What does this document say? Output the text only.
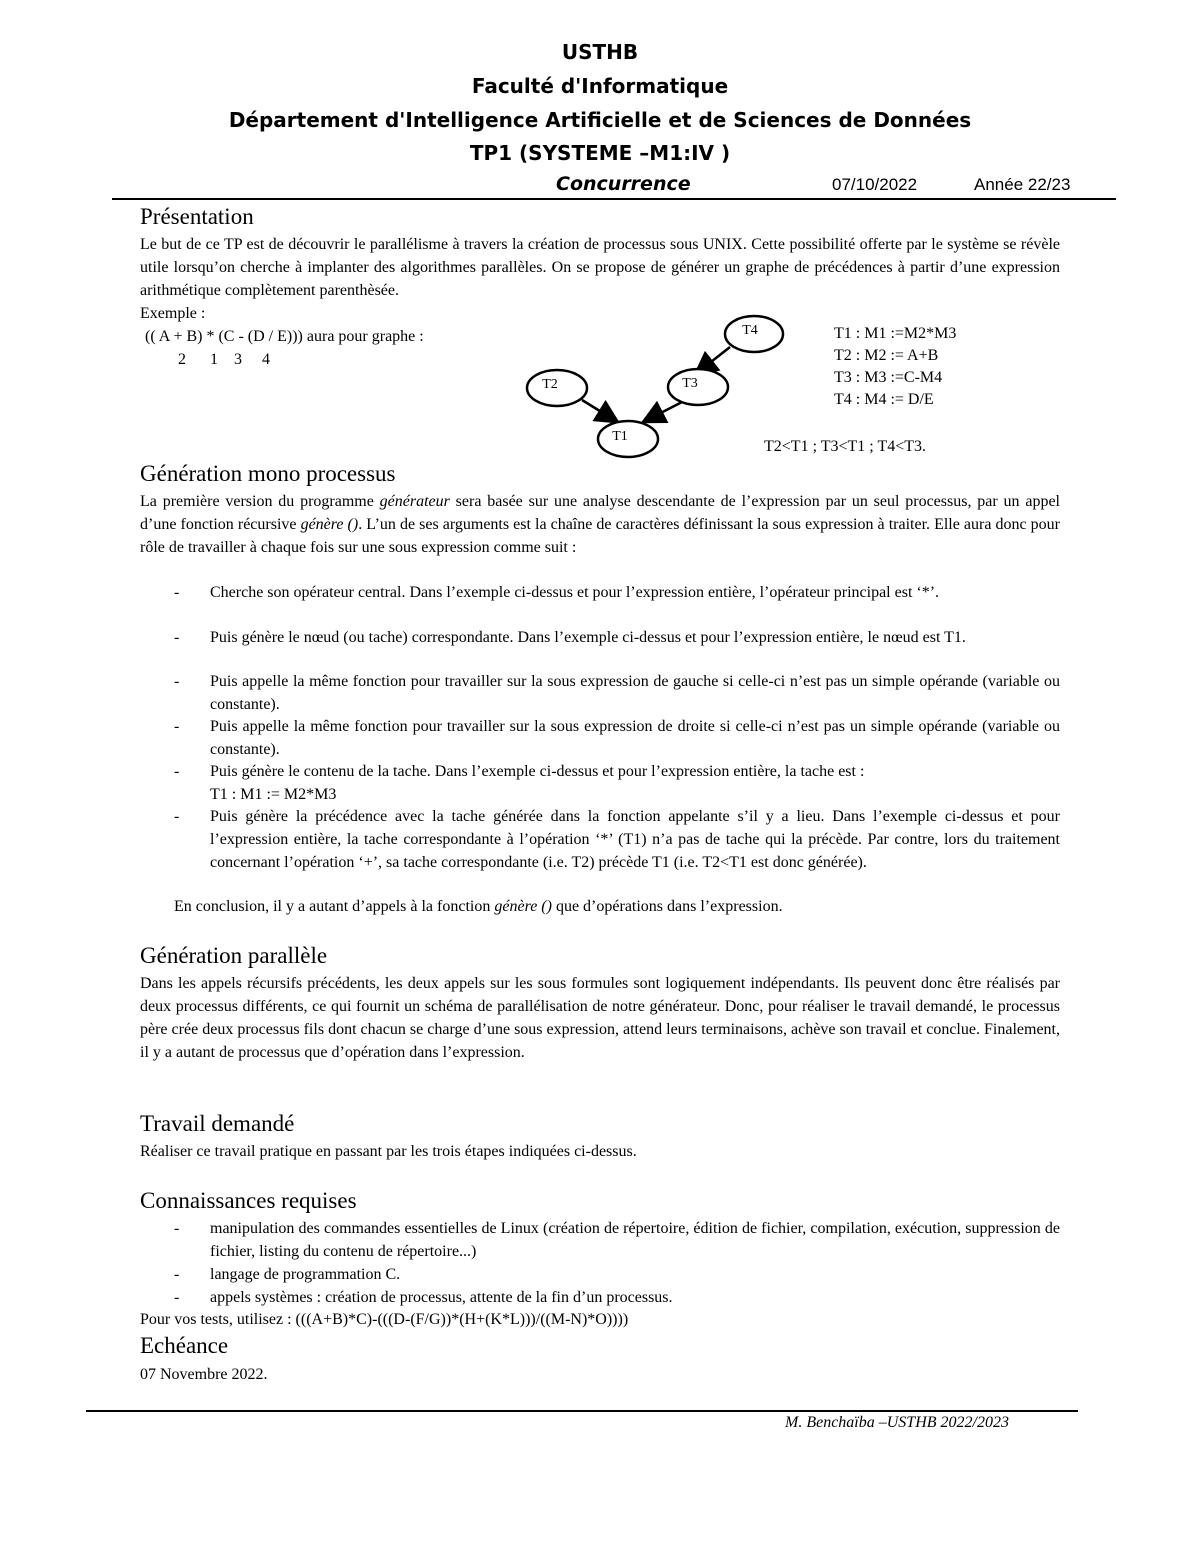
USTHB
Faculté d'Informatique
Département d'Intelligence Artificielle et de Sciences de Données
TP1 (SYSTEME –M1:IV )
Concurrence	07/10/2022	Année 22/23
Présentation
Le but de ce TP est de découvrir le parallélisme à travers la création de processus sous UNIX. Cette possibilité offerte par le système se révèle utile lorsqu’on cherche à implanter des algorithmes parallèles. On se propose de générer un graphe de précédences à partir d’une expression arithmétique complètement parenthèsée.
Exemple :
(( A + B) * (C - (D / E))) aura pour graphe :
2      1    3     4
T4
T2	T3
T1
T1 : M1 :=M2*M3
T2 : M2 := A+B
T3 : M3 :=C-M4
T4 : M4 := D/E
T2<T1 ; T3<T1 ; T4<T3.
Génération mono processus
La première version du programme générateur sera basée sur une analyse descendante de l’expression par un seul processus, par un appel d’une fonction récursive génère (). L’un de ses arguments est la chaîne de caractères définissant la sous expression à traiter. Elle aura donc pour rôle de travailler à chaque fois sur une sous expression comme suit :
- Cherche son opérateur central. Dans l’exemple ci-dessus et pour l’expression entière, l’opérateur principal est ‘*’.
- Puis génère le nœud (ou tache) correspondante. Dans l’exemple ci-dessus et pour l’expression entière, le nœud est T1.
- Puis appelle la même fonction pour travailler sur la sous expression de gauche si celle-ci n’est pas un simple opérande (variable ou constante).
- Puis appelle la même fonction pour travailler sur la sous expression de droite si celle-ci n’est pas un simple opérande (variable ou constante).
- Puis génère le contenu de la tache. Dans l’exemple ci-dessus et pour l’expression entière, la tache est :
T1 : M1 := M2*M3
- Puis génère la précédence avec la tache générée dans la fonction appelante s’il y a lieu. Dans l’exemple ci-dessus et pour l’expression entière, la tache correspondante à l’opération ‘*’ (T1) n’a pas de tache qui la précède. Par contre, lors du traitement concernant l’opération ‘+’, sa tache correspondante (i.e. T2) précède T1 (i.e. T2<T1 est donc générée).
En conclusion, il y a autant d’appels à la fonction génère () que d’opérations dans l’expression.
Génération parallèle
Dans les appels récursifs précédents, les deux appels sur les sous formules sont logiquement indépendants. Ils peuvent donc être réalisés par deux processus différents, ce qui fournit un schéma de parallélisation de notre générateur. Donc, pour réaliser le travail demandé, le processus père crée deux processus fils dont chacun se charge d’une sous expression, attend leurs terminaisons, achève son travail et conclue. Finalement, il y a autant de processus que d’opération dans l’expression.
Travail demandé
Réaliser ce travail pratique en passant par les trois étapes indiquées ci-dessus.
Connaissances requises
- manipulation des commandes essentielles de Linux (création de répertoire, édition de fichier, compilation, exécution, suppression de fichier, listing du contenu de répertoire...)
- langage de programmation C.
- appels systèmes : création de processus, attente de la fin d’un processus.
Pour vos tests, utilisez : (((A+B)*C)-(((D-(F/G))*(H+(K*L)))/((M-N)*O))))
Echéance
07 Novembre 2022.
M. Benchaïba –USTHB 2022/2023
